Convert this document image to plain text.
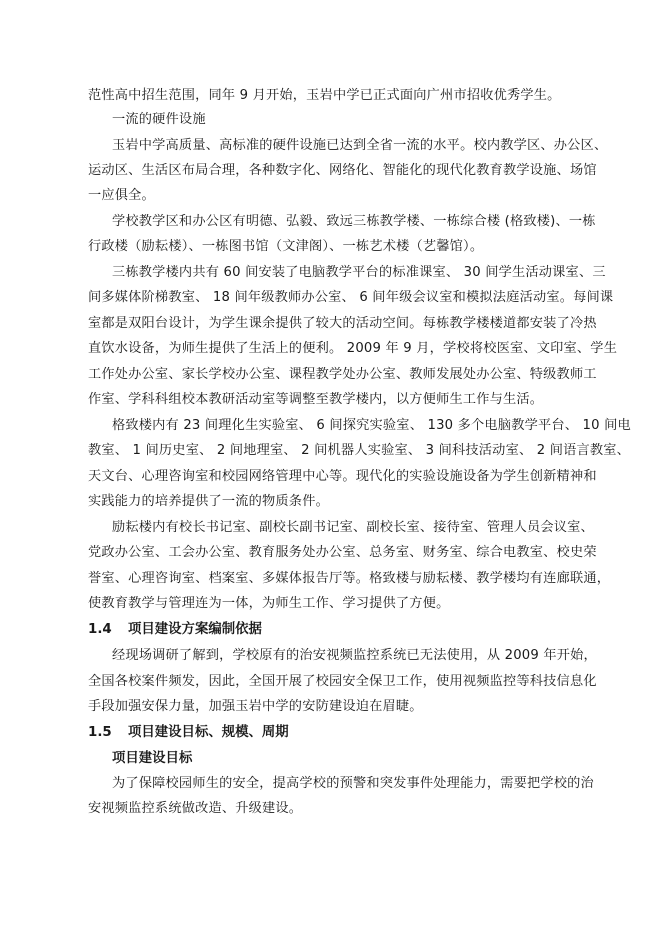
范性高中招生范围，同年 9 月开始，玉岩中学已正式面向广州市招收优秀学生。
一流的硬件设施
玉岩中学高质量、高标准的硬件设施已达到全省一流的水平。校内教学区、办公区、
运动区、生活区布局合理，各种数字化、网络化、智能化的现代化教育教学设施、场馆
一应俱全。
学校教学区和办公区有明德、弘毅、致远三栋教学楼、一栋综合楼 (格致楼)、一栋
行政楼（励耘楼）、一栋图书馆（文津阁）、一栋艺术楼（艺馨馆）。
三栋教学楼内共有 60 间安装了电脑教学平台的标准课室、 30 间学生活动课室、三
间多媒体阶梯教室、 18 间年级教师办公室、 6 间年级会议室和模拟法庭活动室。每间课
室都是双阳台设计，为学生课余提供了较大的活动空间。每栋教学楼楼道都安装了冷热
直饮水设备，为师生提供了生活上的便利。 2009 年 9 月，学校将校医室、文印室、学生
工作处办公室、家长学校办公室、课程教学处办公室、教师发展处办公室、特级教师工
作室、学科科组校本教研活动室等调整至教学楼内，以方便师生工作与生活。
格致楼内有 23 间理化生实验室、 6 间探究实验室、 130 多个电脑教学平台、 10 间电
教室、 1 间历史室、 2 间地理室、 2 间机器人实验室、 3 间科技活动室、 2 间语言教室、
天文台、心理咨询室和校园网络管理中心等。现代化的实验设施设备为学生创新精神和
实践能力的培养提供了一流的物质条件。
励耘楼内有校长书记室、副校长副书记室、副校长室、接待室、管理人员会议室、
党政办公室、工会办公室、教育服务处办公室、总务室、财务室、综合电教室、校史荣
誉室、心理咨询室、档案室、多媒体报告厅等。格致楼与励耘楼、教学楼均有连廊联通，
使教育教学与管理连为一体，为师生工作、学习提供了方便。
1.4 项目建设方案编制依据
经现场调研了解到，学校原有的治安视频监控系统已无法使用，从 2009 年开始，
全国各校案件频发，因此，全国开展了校园安全保卫工作，使用视频监控等科技信息化
手段加强安保力量，加强玉岩中学的安防建设迫在眉睫。
1.5 项目建设目标、规模、周期
项目建设目标
为了保障校园师生的安全，提高学校的预警和突发事件处理能力，需要把学校的治
安视频监控系统做改造、升级建设。
